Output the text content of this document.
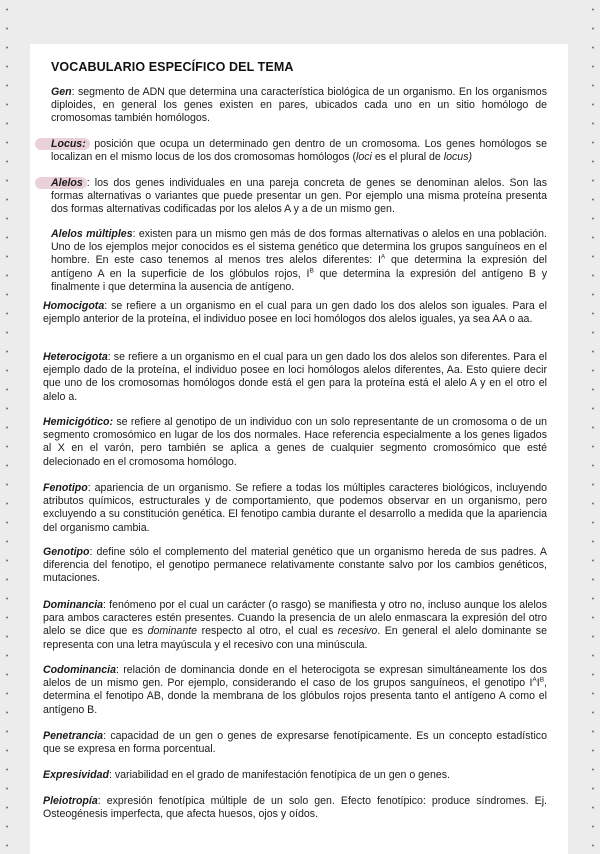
VOCABULARIO ESPECÍFICO DEL TEMA

Gen: segmento de ADN que determina una característica biológica de un organismo. En los organismos diploides, en general los genes existen en pares, ubicados cada uno en un sitio homólogo de cromosomas también homólogos.

Locus: posición que ocupa un determinado gen dentro de un cromosoma. Los genes homólogos se localizan en el mismo locus de los dos cromosomas homólogos (loci es el plural de locus)

Alelos : los dos genes individuales en una pareja concreta de genes se denominan alelos. Son las formas alternativas o variantes que puede presentar un gen. Por ejemplo una misma proteína presenta dos formas alternativas codificadas por los alelos A y a de un mismo gen.

Alelos múltiples: existen para un mismo gen más de dos formas alternativas o alelos en una población. Uno de los ejemplos mejor conocidos es el sistema genético que determina los grupos sanguíneos en el hombre. En este caso tenemos al menos tres alelos diferentes: $I^A$ que determina la expresión del antígeno A en la superficie de los glóbulos rojos, $I^B$ que determina la expresión del antígeno B y finalmente i que determina la ausencia de antígeno.

Homocigota: se refiere a un organismo en el cual para un gen dado los dos alelos son iguales. Para el ejemplo anterior de la proteína, el individuo posee en loci homólogos dos alelos iguales, ya sea AA o aa.

Heterocigota: se refiere a un organismo en el cual para un gen dado los dos alelos son diferentes. Para el ejemplo dado de la proteína, el individuo posee en loci homólogos alelos diferentes, Aa. Esto quiere decir que uno de los cromosomas homólogos donde está el gen para la proteína está el alelo A y en el otro el alelo a.

Hemicigótico: se refiere al genotipo de un individuo con un solo representante de un cromosoma o de un segmento cromosómico en lugar de los dos normales. Hace referencia especialmente a los genes ligados al X en el varón, pero también se aplica a genes de cualquier segmento cromosómico que esté delecionado en el cromosoma homólogo.

Fenotipo: apariencia de un organismo. Se refiere a todas los múltiples caracteres biológicos, incluyendo atributos químicos, estructurales y de comportamiento, que podemos observar en un organismo, pero excluyendo a su constitución genética. El fenotipo cambia durante el desarrollo a medida que la apariencia del organismo cambia.

Genotipo: define sólo el complemento del material genético que un organismo hereda de sus padres. A diferencia del fenotipo, el genotipo permanece relativamente constante salvo por los cambios genéticos, mutaciones.

Dominancia: fenómeno por el cual un carácter (o rasgo) se manifiesta y otro no, incluso aunque los alelos para ambos caracteres estén presentes. Cuando la presencia de un alelo enmascara la expresión del otro alelo se dice que es dominante respecto al otro, el cual es recesivo. En general el alelo dominante se representa con una letra mayúscula y el recesivo con una minúscula.

Codominancia: relación de dominancia donde en el heterocigota se expresan simultáneamente los dos alelos de un mismo gen. Por ejemplo, considerando el caso de los grupos sanguíneos, el genotipo $I^AI^B$, determina el fenotipo AB, donde la membrana de los glóbulos rojos presenta tanto el antígeno A como el antígeno B.

Penetrancia: capacidad de un gen o genes de expresarse fenotípicamente. Es un concepto estadístico que se expresa en forma porcentual.

Expresividad: variabilidad en el grado de manifestación fenotípica de un gen o genes.

Pleiotropía: expresión fenotípica múltiple de un solo gen. Efecto fenotípico: produce síndromes. Ej. Osteogénesis imperfecta, que afecta huesos, ojos y oídos.
